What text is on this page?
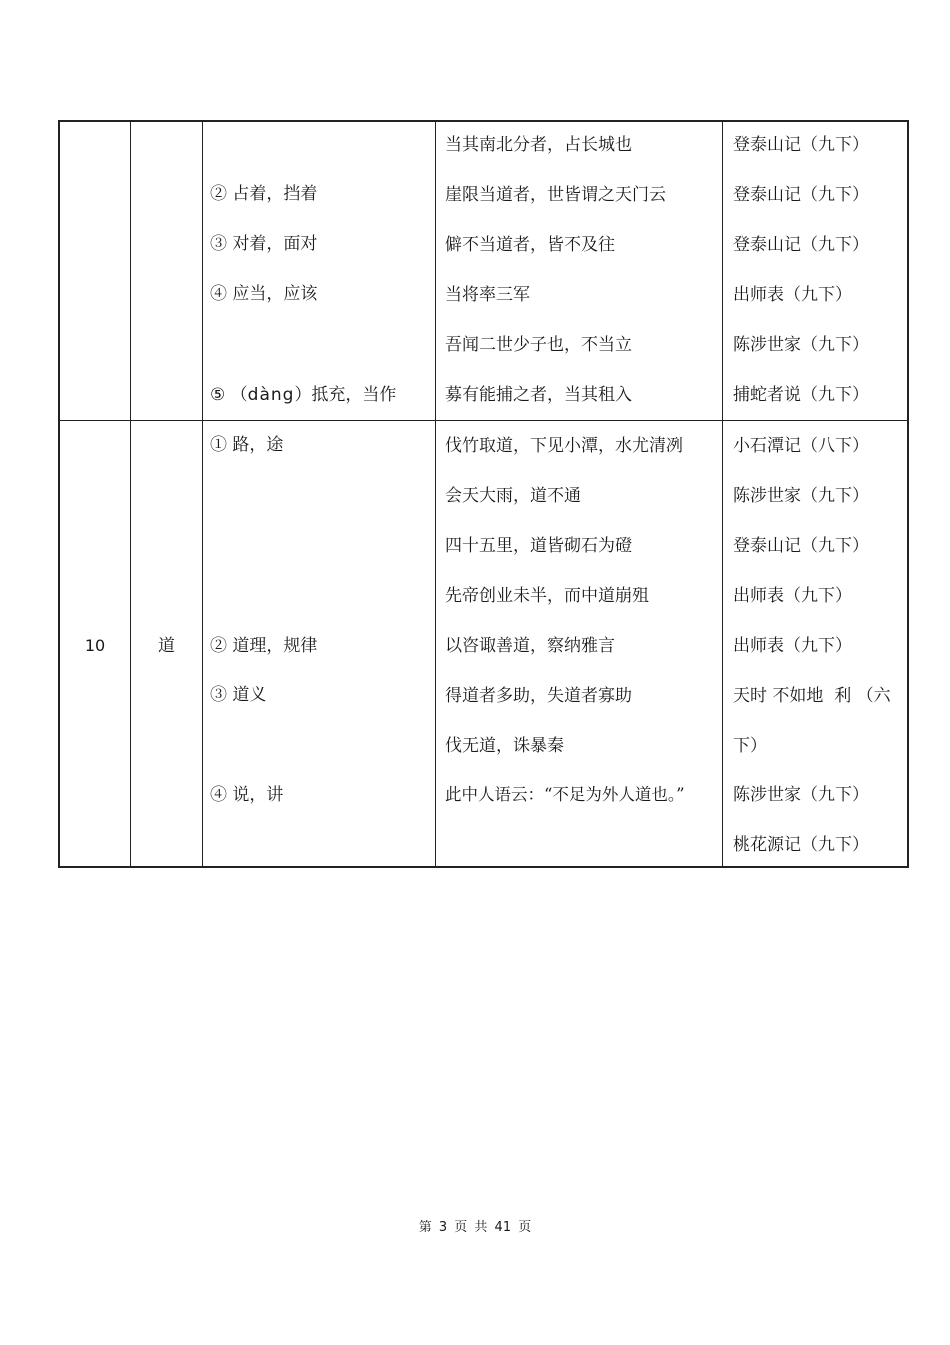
② 占着，挡着
③ 对着，面对
④ 应当，应该
⑤ （dàng）抵充，当作
当其南北分者，占长城也
崖限当道者，世皆谓之天门云
僻不当道者，皆不及往
当将率三军
吾闻二世少子也，不当立
募有能捕之者，当其租入
登泰山记（九下）
登泰山记（九下）
登泰山记（九下）
出师表（九下）
陈涉世家（九下）
捕蛇者说（九下）
10	道
① 路，途
② 道理，规律
③ 道义
④ 说，讲
伐竹取道，下见小潭，水尤清冽
会天大雨，道不通
四十五里，道皆砌石为磴
先帝创业未半，而中道崩殂
以咨诹善道，察纳雅言
得道者多助，失道者寡助
伐无道，诛暴秦
此中人语云：“不足为外人道也。”
小石潭记（八下）
陈涉世家（九下）
登泰山记（九下）
出师表（九下）
出师表（九下）
天时 不如地  利 （六
下）
陈涉世家（九下）
桃花源记（九下）
第 3 页 共 41 页
